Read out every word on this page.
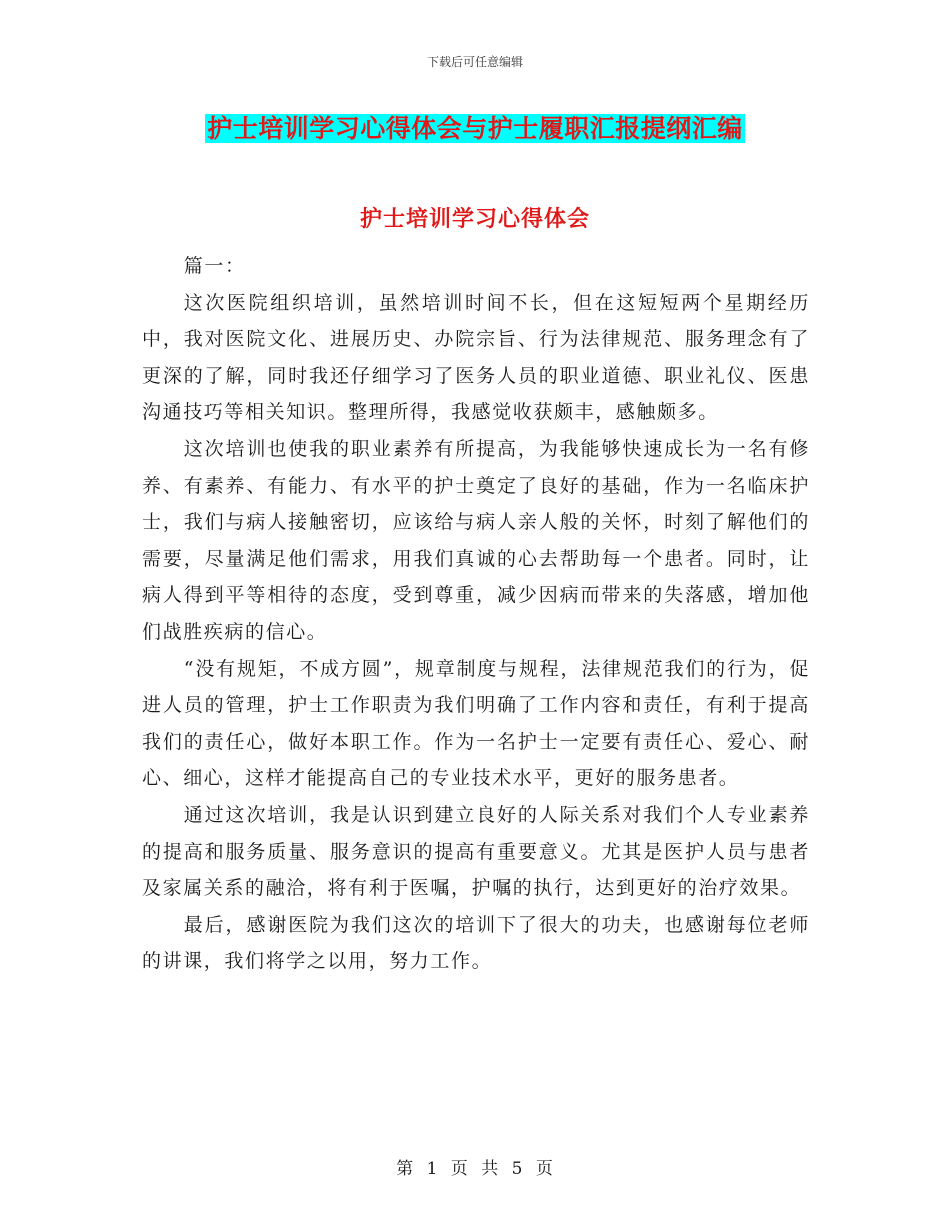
下载后可任意编辑
护士培训学习心得体会与护士履职汇报提纲汇编
护士培训学习心得体会

篇一：

这次医院组织培训，虽然培训时间不长，但在这短短两个星期经历中，我对医院文化、进展历史、办院宗旨、行为法律规范、服务理念有了更深的了解，同时我还仔细学习了医务人员的职业道德、职业礼仪、医患沟通技巧等相关知识。整理所得，我感觉收获颇丰，感触颇多。

这次培训也使我的职业素养有所提高，为我能够快速成长为一名有修养、有素养、有能力、有水平的护士奠定了良好的基础，作为一名临床护士，我们与病人接触密切，应该给与病人亲人般的关怀，时刻了解他们的需要，尽量满足他们需求，用我们真诚的心去帮助每一个患者。同时，让病人得到平等相待的态度，受到尊重，减少因病而带来的失落感，增加他们战胜疾病的信心。

“没有规矩，不成方圆”，规章制度与规程，法律规范我们的行为，促进人员的管理，护士工作职责为我们明确了工作内容和责任，有利于提高我们的责任心，做好本职工作。作为一名护士一定要有责任心、爱心、耐心、细心，这样才能提高自己的专业技术水平，更好的服务患者。

通过这次培训，我是认识到建立良好的人际关系对我们个人专业素养的提高和服务质量、服务意识的提高有重要意义。尤其是医护人员与患者及家属关系的融洽，将有利于医嘱，护嘱的执行，达到更好的治疗效果。

最后，感谢医院为我们这次的培训下了很大的功夫，也感谢每位老师的讲课，我们将学之以用，努力工作。

第 1 页 共 5 页
